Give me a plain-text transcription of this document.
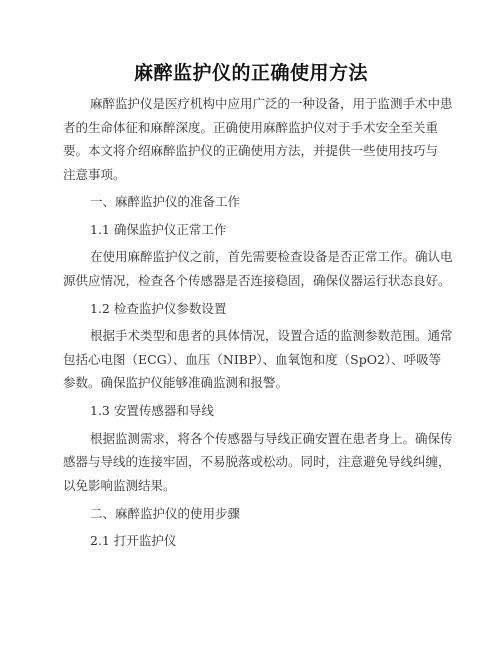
麻醉监护仪的正确使用方法
麻醉监护仪是医疗机构中应用广泛的一种设备，用于监测手术中患
者的生命体征和麻醉深度。正确使用麻醉监护仪对于手术安全至关重
要。本文将介绍麻醉监护仪的正确使用方法，并提供一些使用技巧与
注意事项。
一、麻醉监护仪的准备工作
1.1 确保监护仪正常工作
在使用麻醉监护仪之前，首先需要检查设备是否正常工作。确认电
源供应情况，检查各个传感器是否连接稳固，确保仪器运行状态良好。
1.2 检查监护仪参数设置
根据手术类型和患者的具体情况，设置合适的监测参数范围。通常
包括心电图（ECG）、血压（NIBP）、血氧饱和度（SpO2）、呼吸等
参数。确保监护仪能够准确监测和报警。
1.3 安置传感器和导线
根据监测需求，将各个传感器与导线正确安置在患者身上。确保传
感器与导线的连接牢固，不易脱落或松动。同时，注意避免导线纠缠，
以免影响监测结果。
二、麻醉监护仪的使用步骤
2.1 打开监护仪
